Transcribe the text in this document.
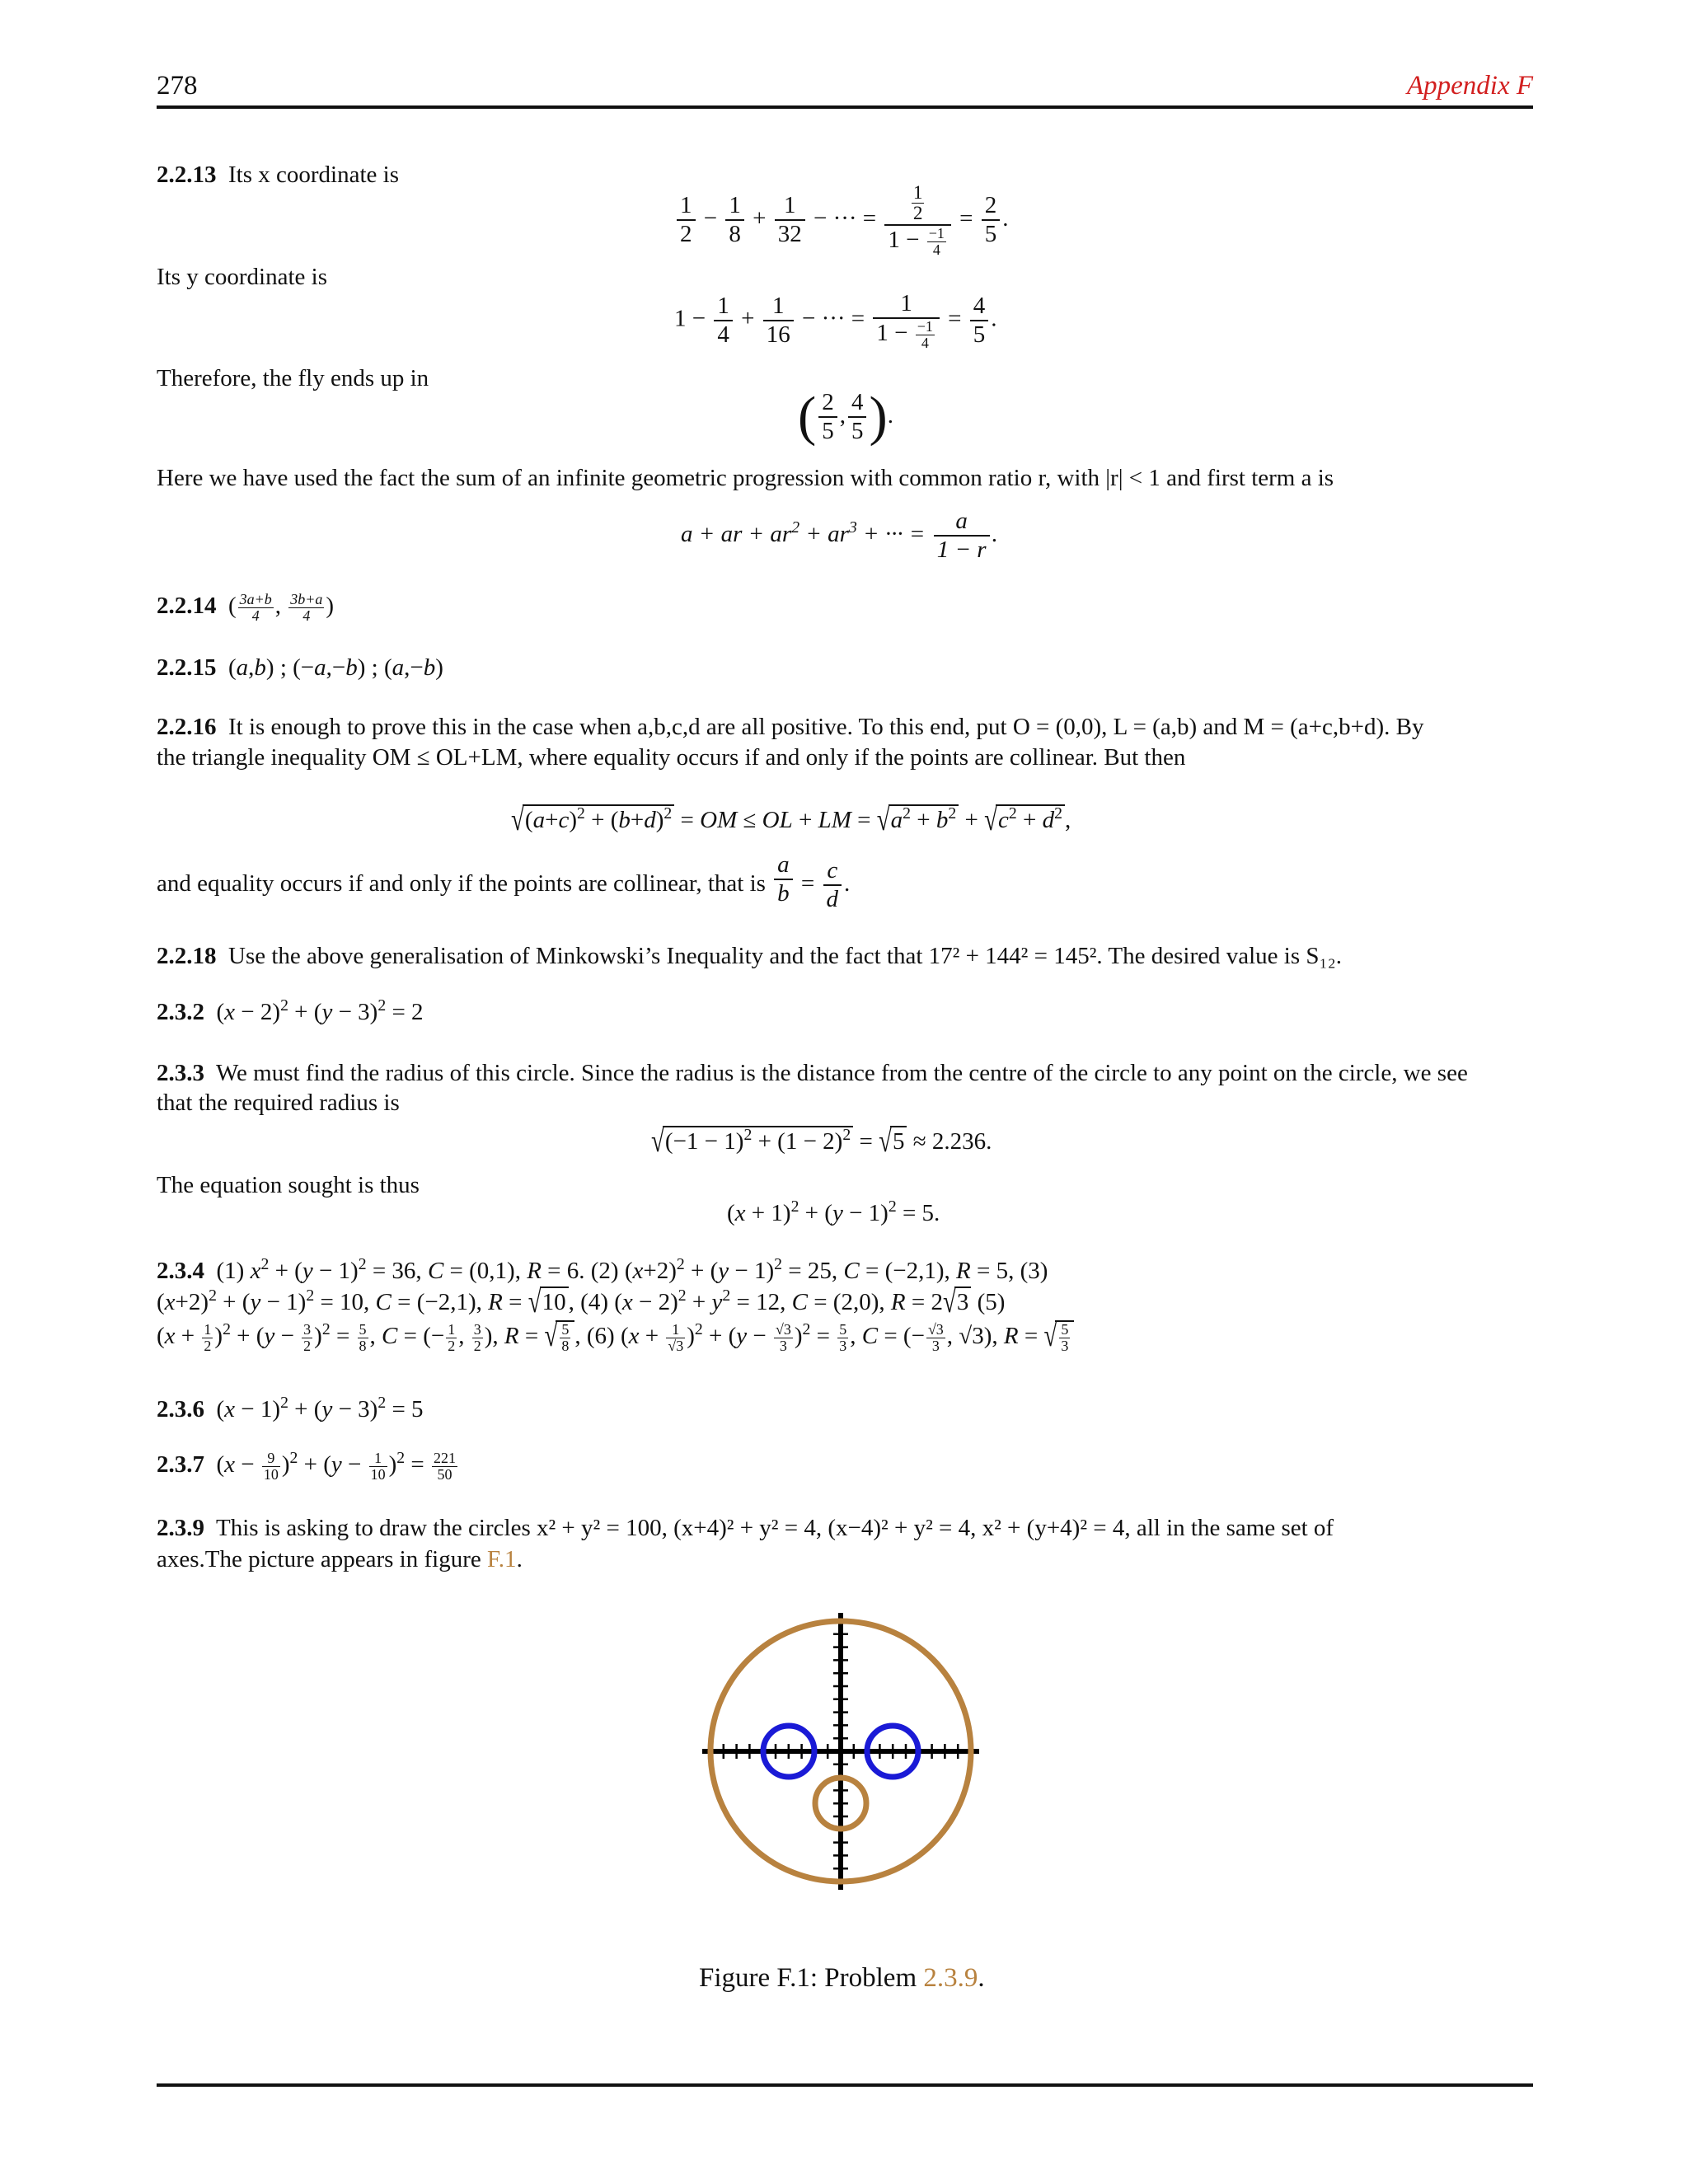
278	Appendix F
2.2.13 Its x coordinate is
$\frac{1}{2} - \frac{1}{8} + \frac{1}{32}$ − ··· = $\frac{\frac{1}{2}}{1 - \frac{-1}{4}} = \frac{2}{5}$ .
Its y coordinate is
$1 - \frac{1}{4} + \frac{1}{16}$ − ··· = $\frac{1}{1 - \frac{-1}{4}} = \frac{4}{5}$ .
Therefore, the fly ends up in
( $\frac{2}{5}$ , $\frac{4}{5}$ ).
Here we have used the fact the sum of an infinite geometric progression with common ratio r, with |r| < 1 and first term a is
a + ar + $ar^2 + ar^3$ + ··· = $\frac{a}{1 - r}$ .
2.2.14 ( $\frac{3a+b}{4}$ , $\frac{3b+a}{4}$ )
2.2.15 (a,b) ; (−a,−b) ; (a,−b)
2.2.16 It is enough to prove this in the case when a,b,c,d are all positive. To this end, put O = (0,0), L = (a,b) and M = (a+c,b+d). By
the triangle inequality OM ≤ OL+LM, where equality occurs if and only if the points are collinear. But then
$√(a+c)^2 + (b+d)^2$ = OM ≤ OL + LM = $√a^2 + b^2 + √c^2 + d^2$ ,
and equality occurs if and only if the points are collinear, that is $\frac{a}{b} = \frac{c}{d}$ .
2.2.18 Use the above generalisation of Minkowski’s Inequality and the fact that 17² + 144² = 145². The desired value is S₁₂.
2.3.2 $(x - 2)^2 + (y - 3)^2 = 2$
2.3.3 We must find the radius of this circle. Since the radius is the distance from the centre of the circle to any point on the circle, we see
that the required radius is
$√(-1 - 1)^2 + (1 - 2)^2 = √5 \approx 2.236$.
The equation sought is thus
$(x + 1)^2 + (y - 1)^2 = 5$.
2.3.4  (1) $x^2 + (y - 1)^2 = 36$, C = (0,1), R = 6. (2) $(x+2)^2 + (y - 1)^2 = 25$, C = (−2,1), R = 5, (3)
$(x+2)^2 + (y - 1)^2 = 10$, C = (−2,1), R = √10 , (4) $(x - 2)^2 + y^2 = 12$, C = (2,0), R = 2√3 (5)
$(x + \frac{1}{2} )^2 + (y - \frac{3}{2} )^2 = \frac{5}{8}$ , C = (− $\frac{1}{2}$ , $\frac{3}{2}$ ), R = √ $\frac{5}{8}$ , (6) $(x + \frac{1}{√3} )^2 + (y - \frac{√3}{3} )^2 = \frac{5}{3}$ , C = (− $\frac{√3}{3}$ , √3), R = √ $\frac{5}{3}$
2.3.6 $(x - 1)^2 + (y - 3)^2 = 5$
2.3.7 $(x - \frac{9}{10} )^2 + (y - \frac{1}{10} )^2 = \frac{221}{50}$
2.3.9 This is asking to draw the circles x² + y² = 100, (x+4)² + y² = 4, (x−4)² + y² = 4, x² + (y+4)² = 4, all in the same set of
axes.The picture appears in figure F.1.
Figure F.1: Problem 2.3.9.
